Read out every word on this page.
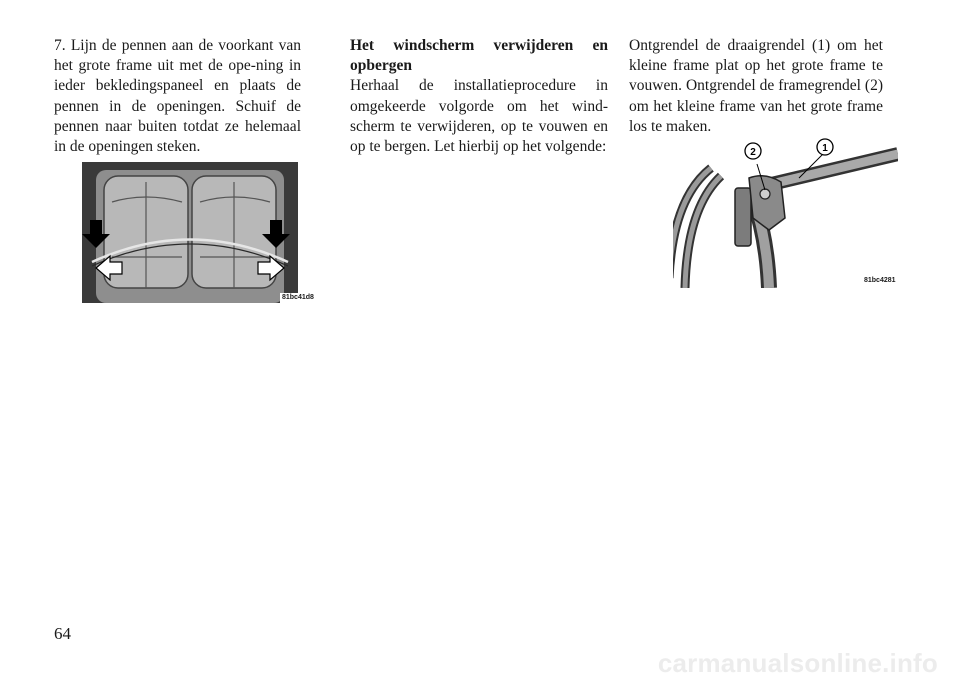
7. Lijn de pennen aan de voorkant van het grote frame uit met de ope-ning in ieder bekledingspaneel en plaats de pennen in de openingen. Schuif de pennen naar buiten totdat ze helemaal in de openingen steken.

81bc41d8

Het windscherm verwijderen en opbergen

Herhaal de installatieprocedure in omgekeerde volgorde om het wind-scherm te verwijderen, op te vouwen en op te bergen. Let hierbij op het volgende:

Ontgrendel de draaigrendel (1) om het kleine frame plat op het grote frame te vouwen. Ontgrendel de framegrendel (2) om het kleine frame van het grote frame los te maken.

2	1
81bc4281
64
carmanualsonline.info
